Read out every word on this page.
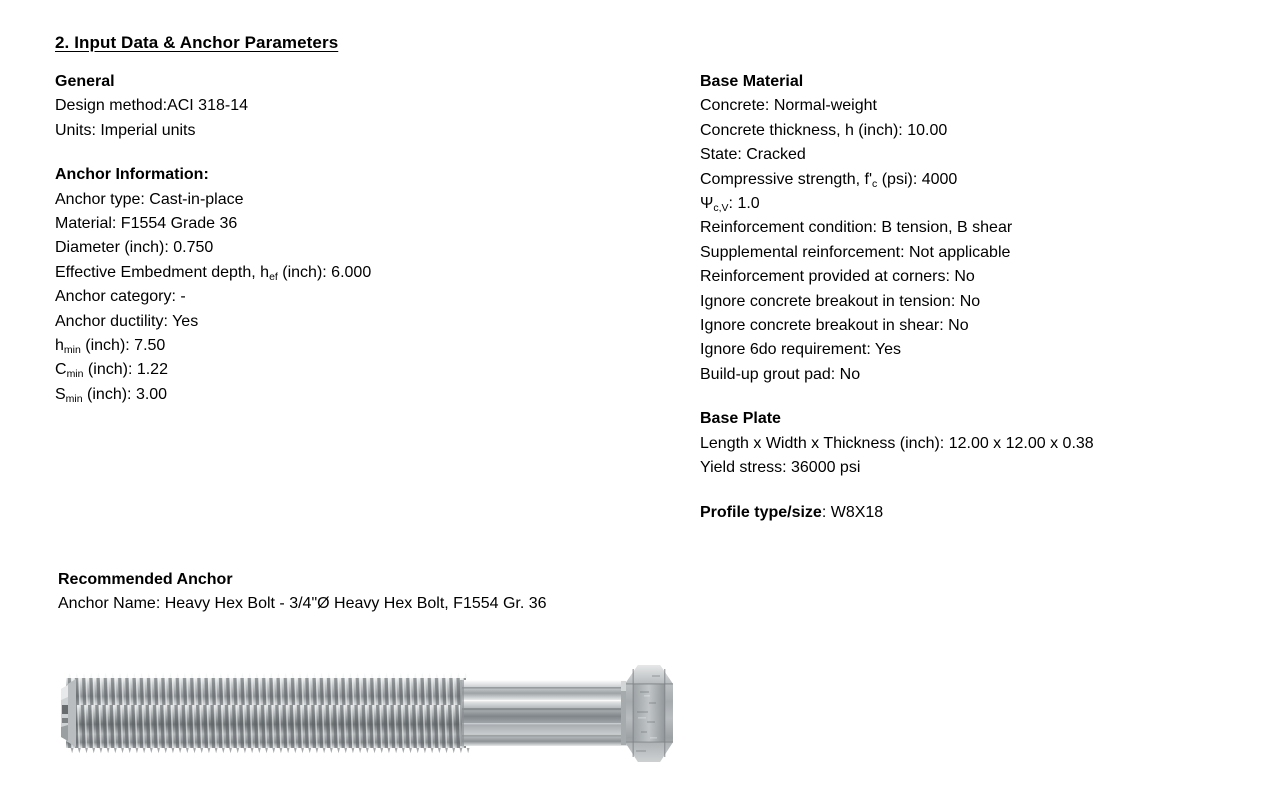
2. Input Data & Anchor Parameters
General
Design method:ACI 318-14
Units: Imperial units
Anchor Information:
Anchor type: Cast-in-place
Material: F1554 Grade 36
Diameter (inch): 0.750
Effective Embedment depth, $h_{ef}$ (inch): 6.000
Anchor category: -
Anchor ductility: Yes
$h_{min}$ (inch): 7.50
$C_{min}$ (inch): 1.22
$S_{min}$ (inch): 3.00
Base Material
Concrete: Normal-weight
Concrete thickness, h (inch): 10.00
State: Cracked
Compressive strength, $f'_c$ (psi): 4000
$\Psi_{c,V}$: 1.0
Reinforcement condition: B tension, B shear
Supplemental reinforcement: Not applicable
Reinforcement provided at corners: No
Ignore concrete breakout in tension: No
Ignore concrete breakout in shear: No
Ignore 6do requirement: Yes
Build-up grout pad: No
Base Plate
Length x Width x Thickness (inch): 12.00 x 12.00 x 0.38
Yield stress: 36000 psi
Profile type/size: W8X18
Recommended Anchor
Anchor Name: Heavy Hex Bolt - 3/4"Ø Heavy Hex Bolt, F1554 Gr. 36
